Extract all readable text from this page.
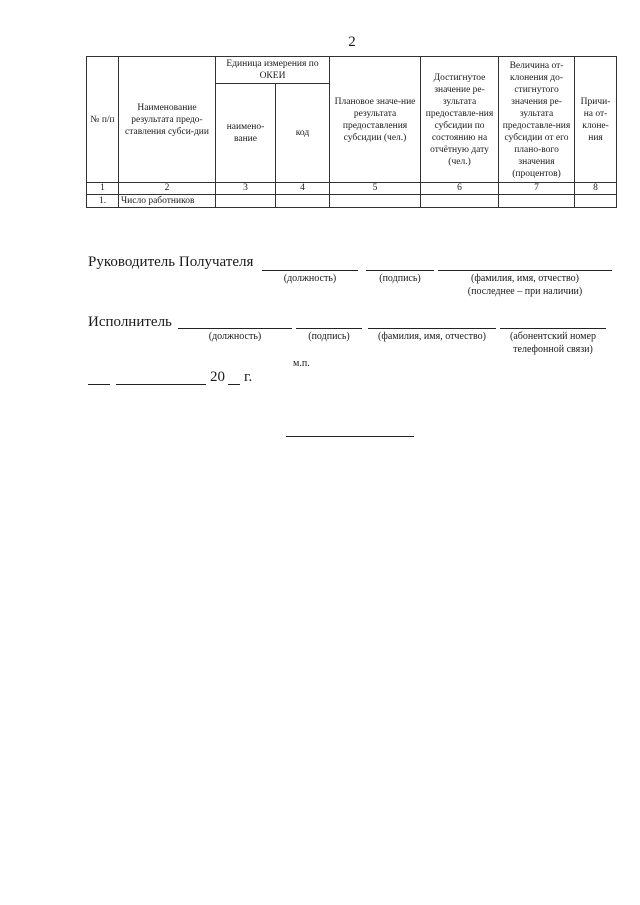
2
№ п/п	Наименование результата предо-ставления субси-дии	Единица измерения по ОКЕИ		Плановое значе-ние результата предоставления субсидии (чел.)	Достигнутое значение ре-зультата предоставле-ния субсидии по состоянию на отчётную дату (чел.)	Величина от-клонения до-стигнутого значения ре-зультата предоставле-ния субсидии от его плано-вого значения (процентов)	Причи-на от-клоне-ния
		наимено-вание	код				
1	2	3	4	5	6	7	8
1.	Число работников						
Руководитель Получателя
(должность)	(подпись)	(фамилия, имя, отчество)
(последнее – при наличии)
Исполнитель
(должность)	(подпись)	(фамилия, имя, отчество)	(абонентский номер
телефонной связи)
м.п.
20 г.
